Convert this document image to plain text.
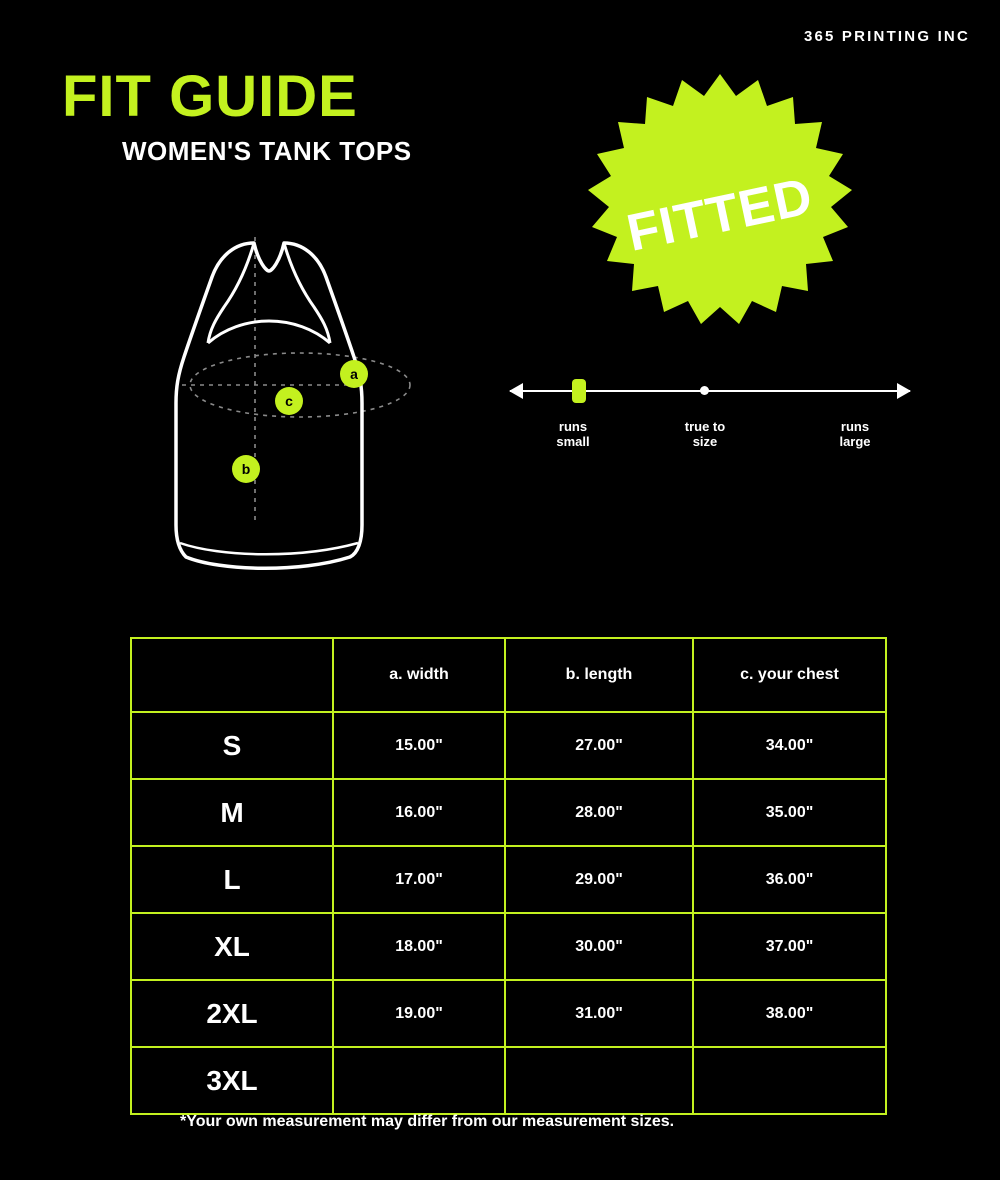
365 PRINTING INC
FIT GUIDE
WOMEN'S TANK TOPS
FITTED
a
c
b
runs
small
true to
size
runs
large
	a. width	b. length	c. your chest
S	15.00"	27.00"	34.00"
M	16.00"	28.00"	35.00"
L	17.00"	29.00"	36.00"
XL	18.00"	30.00"	37.00"
2XL	19.00"	31.00"	38.00"
3XL			
*Your own measurement may differ from our measurement sizes.
